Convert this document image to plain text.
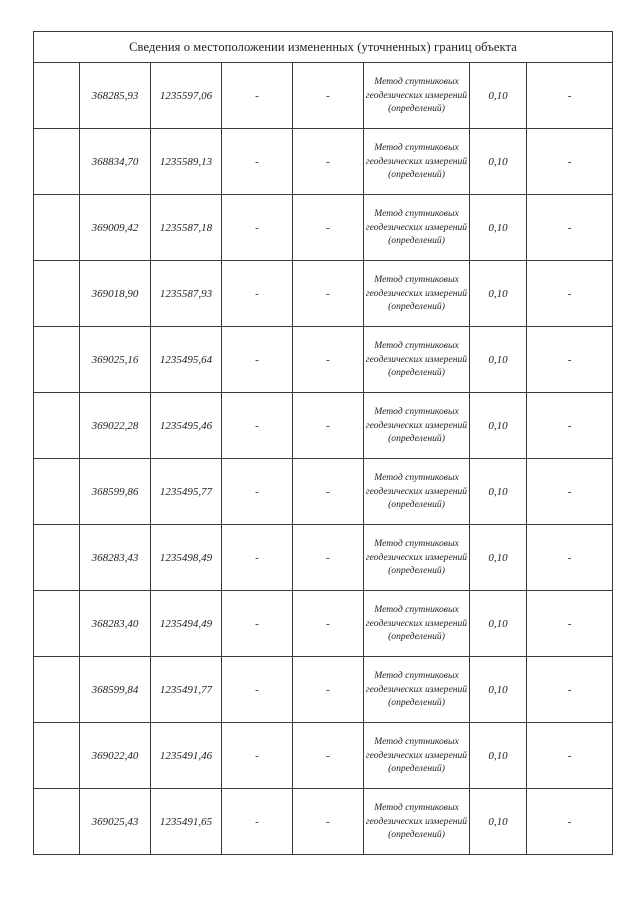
Сведения о местоположении измененных (уточненных) границ объекта							
	368285,93	1235597,06	-	-	Метод спутниковых геодезических измерений (определений)	0,10	-
	368834,70	1235589,13	-	-	Метод спутниковых геодезических измерений (определений)	0,10	-
	369009,42	1235587,18	-	-	Метод спутниковых геодезических измерений (определений)	0,10	-
	369018,90	1235587,93	-	-	Метод спутниковых геодезических измерений (определений)	0,10	-
	369025,16	1235495,64	-	-	Метод спутниковых геодезических измерений (определений)	0,10	-
	369022,28	1235495,46	-	-	Метод спутниковых геодезических измерений (определений)	0,10	-
	368599,86	1235495,77	-	-	Метод спутниковых геодезических измерений (определений)	0,10	-
	368283,43	1235498,49	-	-	Метод спутниковых геодезических измерений (определений)	0,10	-
	368283,40	1235494,49	-	-	Метод спутниковых геодезических измерений (определений)	0,10	-
	368599,84	1235491,77	-	-	Метод спутниковых геодезических измерений (определений)	0,10	-
	369022,40	1235491,46	-	-	Метод спутниковых геодезических измерений (определений)	0,10	-
	369025,43	1235491,65	-	-	Метод спутниковых геодезических измерений (определений)	0,10	-
